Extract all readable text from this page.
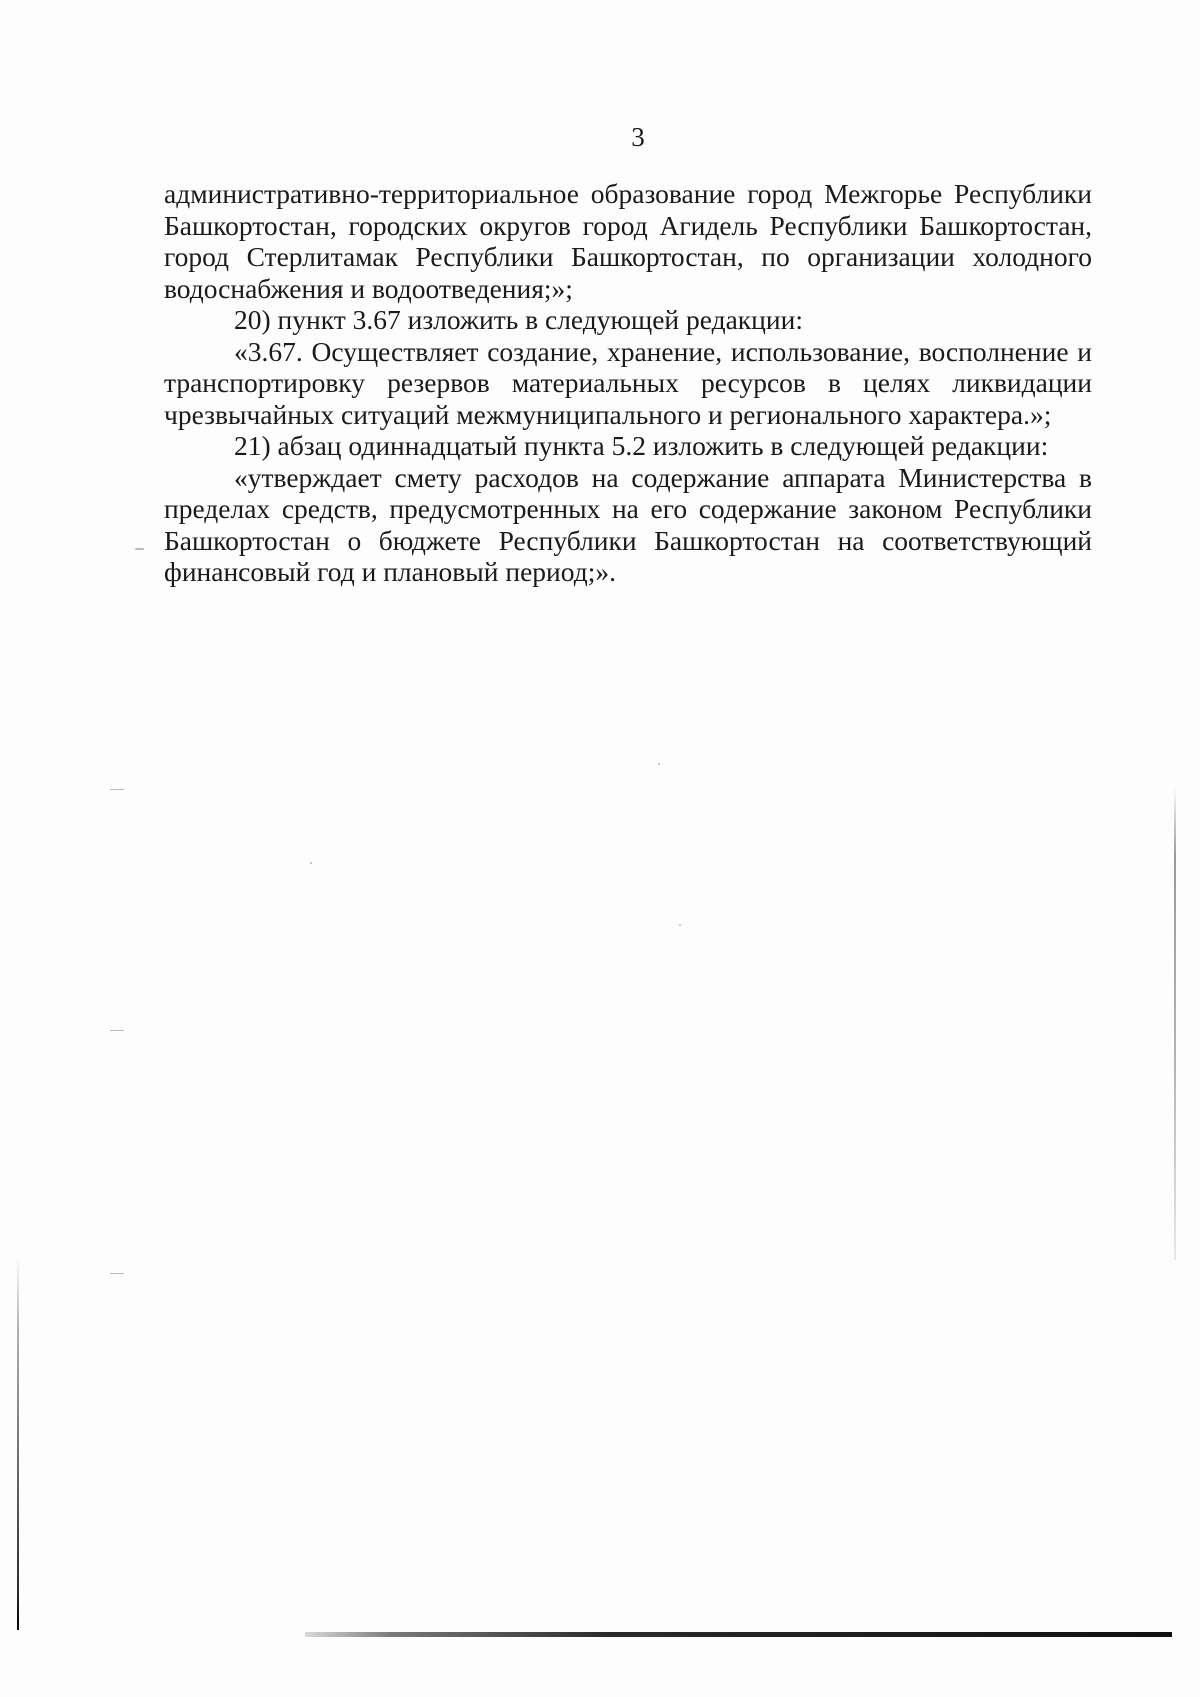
3

административно-территориальное образование город Межгорье Республики Башкортостан, городских округов город Агидель Республики Башкортостан, город Стерлитамак Республики Башкортостан, по организации холодного водоснабжения и водоотведения;»;

20) пункт 3.67 изложить в следующей редакции:

«3.67. Осуществляет создание, хранение, использование, восполнение и транспортировку резервов материальных ресурсов в целях ликвидации чрезвычайных ситуаций межмуниципального и регионального характера.»;

21) абзац одиннадцатый пункта 5.2 изложить в следующей редакции:

«утверждает смету расходов на содержание аппарата Министерства в пределах средств, предусмотренных на его содержание законом Республики Башкортостан о бюджете Республики Башкортостан на соответствующий финансовый год и плановый период;».
